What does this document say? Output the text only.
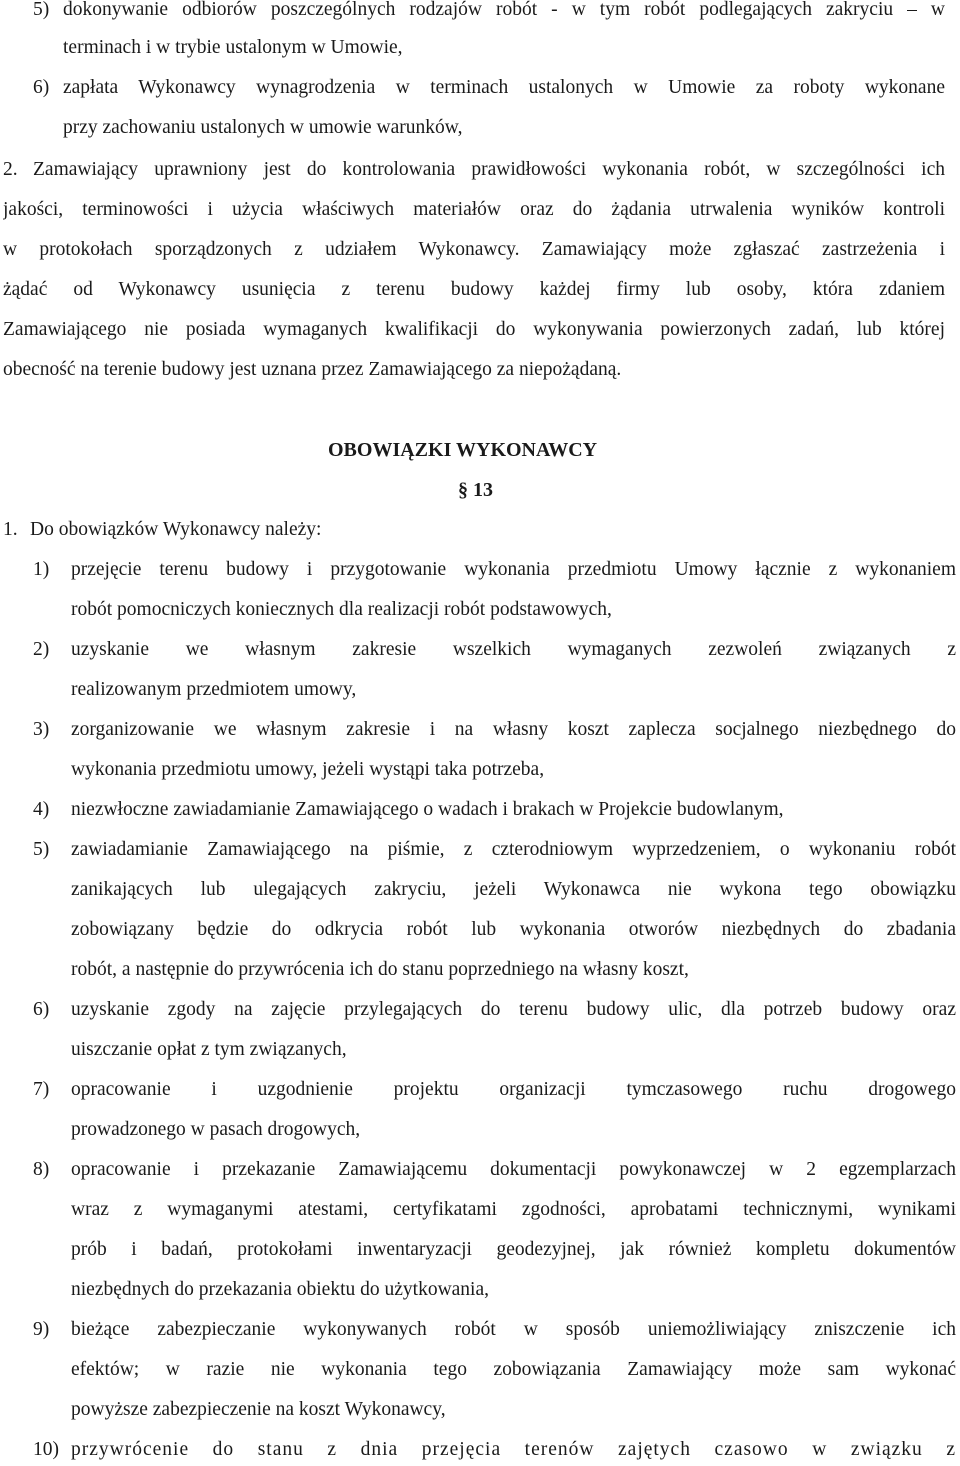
5) dokonywanie odbiorów poszczególnych rodzajów robót - w tym robót podlegających zakryciu – w
terminach i w trybie ustalonym w Umowie,
6) zapłata Wykonawcy wynagrodzenia w terminach ustalonych w Umowie za roboty wykonane
przy zachowaniu ustalonych w umowie warunków,
2. Zamawiający uprawniony jest do kontrolowania prawidłowości wykonania robót, w szczególności ich
jakości, terminowości i użycia właściwych materiałów oraz do żądania utrwalenia wyników kontroli
w protokołach sporządzonych z udziałem Wykonawcy. Zamawiający może zgłaszać zastrzeżenia i
żądać od Wykonawcy usunięcia z terenu budowy każdej firmy lub osoby, która zdaniem
Zamawiającego nie posiada wymaganych kwalifikacji do wykonywania powierzonych zadań, lub której
obecność na terenie budowy jest uznana przez Zamawiającego za niepożądaną.
OBOWIĄZKI WYKONAWCY
§ 13
1. Do obowiązków Wykonawcy należy:
1) przejęcie terenu budowy i przygotowanie wykonania przedmiotu Umowy łącznie z wykonaniem
robót pomocniczych koniecznych dla realizacji robót podstawowych,
2) uzyskanie we własnym zakresie wszelkich wymaganych zezwoleń związanych z
realizowanym przedmiotem umowy,
3) zorganizowanie we własnym zakresie i na własny koszt zaplecza socjalnego niezbędnego do
wykonania przedmiotu umowy, jeżeli wystąpi taka potrzeba,
4) niezwłoczne zawiadamianie Zamawiającego o wadach i brakach w Projekcie budowlanym,
5) zawiadamianie Zamawiającego na piśmie, z czterodniowym wyprzedzeniem, o wykonaniu robót
zanikających lub ulegających zakryciu, jeżeli Wykonawca nie wykona tego obowiązku
zobowiązany będzie do odkrycia robót lub wykonania otworów niezbędnych do zbadania
robót, a następnie do przywrócenia ich do stanu poprzedniego na własny koszt,
6) uzyskanie zgody na zajęcie przylegających do terenu budowy ulic, dla potrzeb budowy oraz
uiszczanie opłat z tym związanych,
7) opracowanie i uzgodnienie projektu organizacji tymczasowego ruchu drogowego
prowadzonego w pasach drogowych,
8) opracowanie i przekazanie Zamawiającemu dokumentacji powykonawczej w 2 egzemplarzach
wraz z wymaganymi atestami, certyfikatami zgodności, aprobatami technicznymi, wynikami
prób i badań, protokołami inwentaryzacji geodezyjnej, jak również kompletu dokumentów
niezbędnych do przekazania obiektu do użytkowania,
9) bieżące zabezpieczanie wykonywanych robót w sposób uniemożliwiający zniszczenie ich
efektów; w razie nie wykonania tego zobowiązania Zamawiający może sam wykonać
powyższe zabezpieczenie na koszt Wykonawcy,
10) przywrócenie do stanu z dnia przejęcia terenów zajętych czasowo w związku z
